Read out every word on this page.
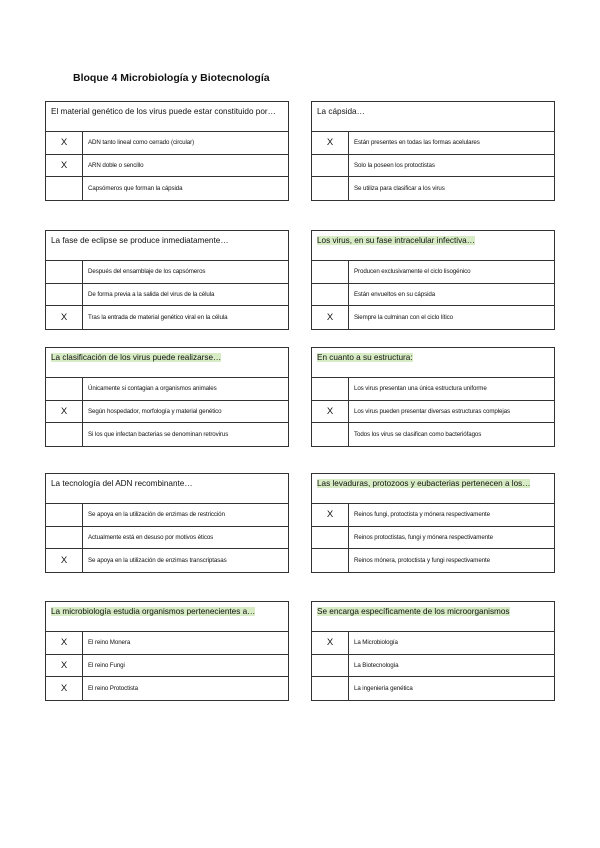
Bloque 4 Microbiología y Biotecnología
El material genético de los virus puede estar constituido por…
X	ADN tanto lineal como cerrado (circular)
X	ARN doble o sencillo
Capsómeros que forman la cápsida
La cápsida…
X	Están presentes en todas las formas acelulares
Solo la poseen los protoctistas
Se utiliza para clasificar a los virus
La fase de eclipse se produce inmediatamente…
Después del ensamblaje de los capsómeros
De forma previa a la salida del virus de la célula
X	Tras la entrada de material genético viral en la célula
Los virus, en su fase intracelular infectiva…
Producen exclusivamente el ciclo lisogénico
Están envueltos en su cápsida
X	Siempre la culminan con el ciclo lítico
La clasificación de los virus puede realizarse…
Únicamente si contagian a organismos animales
X	Según hospedador, morfología y material genético
Si los que infectan bacterias se denominan retrovirus
En cuanto a su estructura:
Los virus presentan una única estructura uniforme
X	Los virus pueden presentar diversas estructuras complejas
Todos los virus se clasifican como bacteriófagos
La tecnología del ADN recombinante…
Se apoya en la utilización de enzimas de restricción
Actualmente está en desuso por motivos éticos
X	Se apoya en la utilización de enzimas transcriptasas
Las levaduras, protozoos y eubacterias pertenecen a los…
X	Reinos fungi, protoctista y mónera respectivamente
Reinos protoctistas, fungi y mónera respectivamente
Reinos mónera, protoctista y fungi respectivamente
La microbiología estudia organismos pertenecientes a…
X	El reino Monera
X	El reino Fungi
X	El reino Protoctista
Se encarga específicamente de los microorganismos
X	La Microbiología
La Biotecnología
La ingeniería genética
